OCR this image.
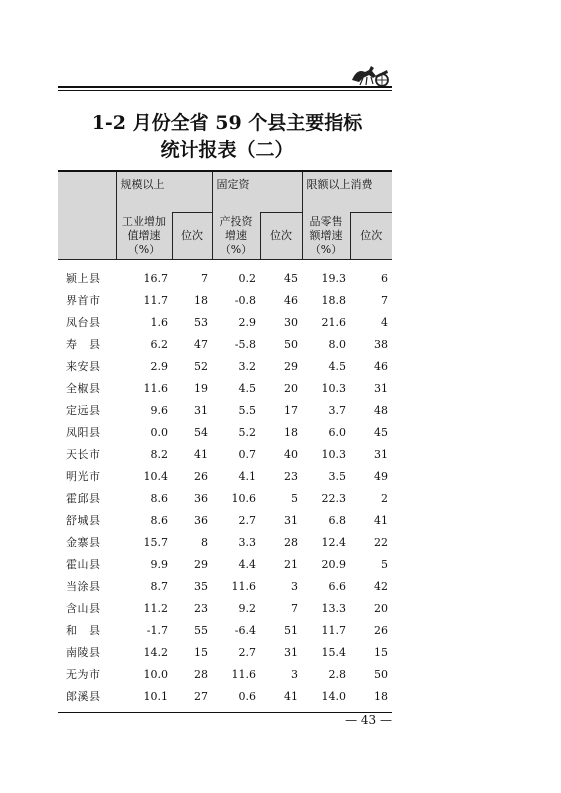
1-2 月份全省 59 个县主要指标
统计报表（二）
	规模以上		固定资		限额以上消费	
	工业增加值增速（%）	位次	产投资增速（%）	位次	品零售额增速（%）	位次
颍上县	16.7	7	0.2	45	19.3	6
界首市	11.7	18	-0.8	46	18.8	7
凤台县	1.6	53	2.9	30	21.6	4
寿　县	6.2	47	-5.8	50	8.0	38
来安县	2.9	52	3.2	29	4.5	46
全椒县	11.6	19	4.5	20	10.3	31
定远县	9.6	31	5.5	17	3.7	48
凤阳县	0.0	54	5.2	18	6.0	45
天长市	8.2	41	0.7	40	10.3	31
明光市	10.4	26	4.1	23	3.5	49
霍邱县	8.6	36	10.6	5	22.3	2
舒城县	8.6	36	2.7	31	6.8	41
金寨县	15.7	8	3.3	28	12.4	22
霍山县	9.9	29	4.4	21	20.9	5
当涂县	8.7	35	11.6	3	6.6	42
含山县	11.2	23	9.2	7	13.3	20
和　县	-1.7	55	-6.4	51	11.7	26
南陵县	14.2	15	2.7	31	15.4	15
无为市	10.0	28	11.6	3	2.8	50
郎溪县	10.1	27	0.6	41	14.0	18
— 43 —
